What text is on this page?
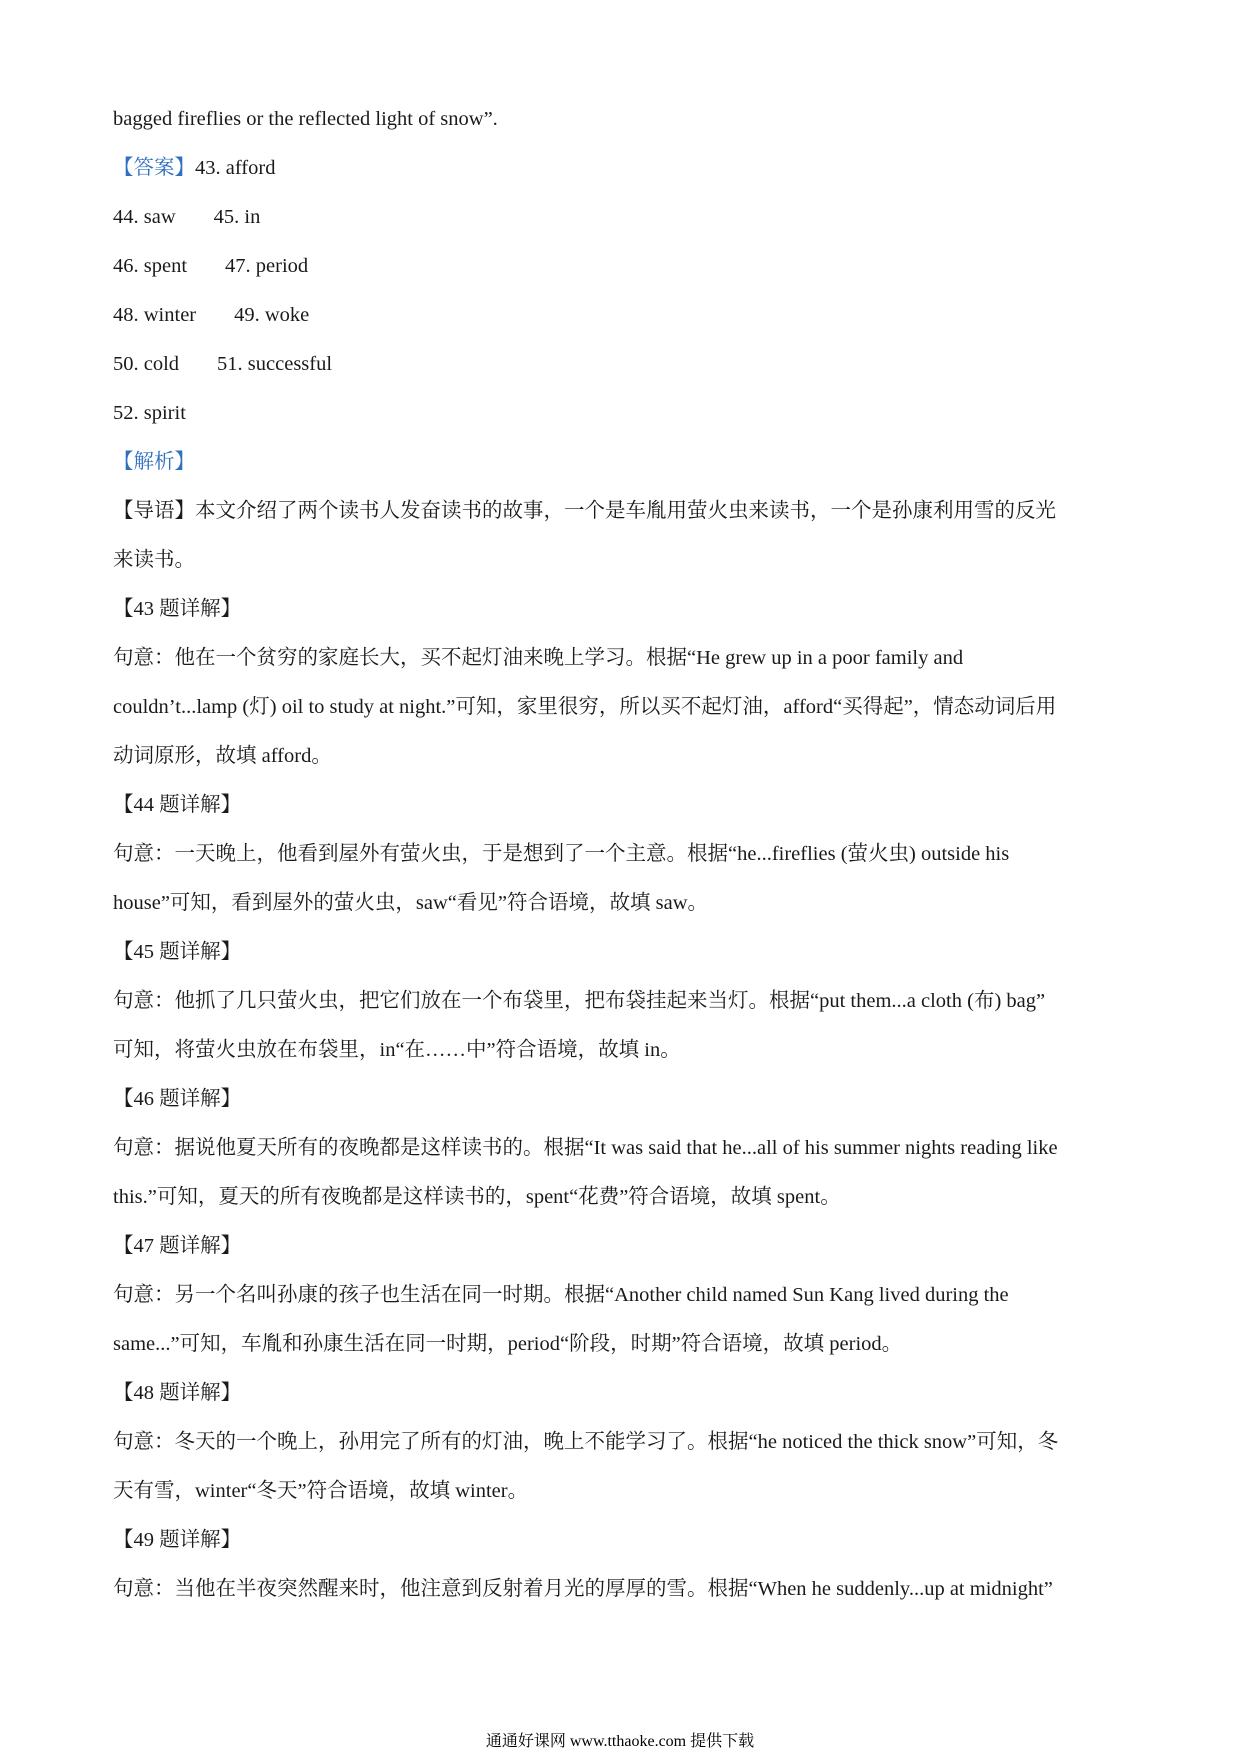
bagged fireflies or the reflected light of snow”.
【答案】43. afford
44. saw 45. in
46. spent 47. period
48. winter 49. woke
50. cold 51. successful
52. spirit
【解析】
【导语】本文介绍了两个读书人发奋读书的故事，一个是车胤用萤火虫来读书，一个是孙康利用雪的反光
来读书。
【43 题详解】
句意：他在一个贫穷的家庭长大，买不起灯油来晚上学习。根据“He grew up in a poor family and
couldn’t...lamp (灯) oil to study at night.”可知，家里很穷，所以买不起灯油，afford“买得起”，情态动词后用
动词原形，故填 afford。
【44 题详解】
句意：一天晚上，他看到屋外有萤火虫，于是想到了一个主意。根据“he...fireflies (萤火虫) outside his
house”可知，看到屋外的萤火虫，saw“看见”符合语境，故填 saw。
【45 题详解】
句意：他抓了几只萤火虫，把它们放在一个布袋里，把布袋挂起来当灯。根据“put them...a cloth (布) bag”
可知，将萤火虫放在布袋里，in“在……中”符合语境，故填 in。
【46 题详解】
句意：据说他夏天所有的夜晚都是这样读书的。根据“It was said that he...all of his summer nights reading like
this.”可知，夏天的所有夜晚都是这样读书的，spent“花费”符合语境，故填 spent。
【47 题详解】
句意：另一个名叫孙康的孩子也生活在同一时期。根据“Another child named Sun Kang lived during the
same...”可知，车胤和孙康生活在同一时期，period“阶段，时期”符合语境，故填 period。
【48 题详解】
句意：冬天的一个晚上，孙用完了所有的灯油，晚上不能学习了。根据“he noticed the thick snow”可知，冬
天有雪，winter“冬天”符合语境，故填 winter。
【49 题详解】
句意：当他在半夜突然醒来时，他注意到反射着月光的厚厚的雪。根据“When he suddenly...up at midnight”
通通好课网 www.tthaoke.com 提供下载
